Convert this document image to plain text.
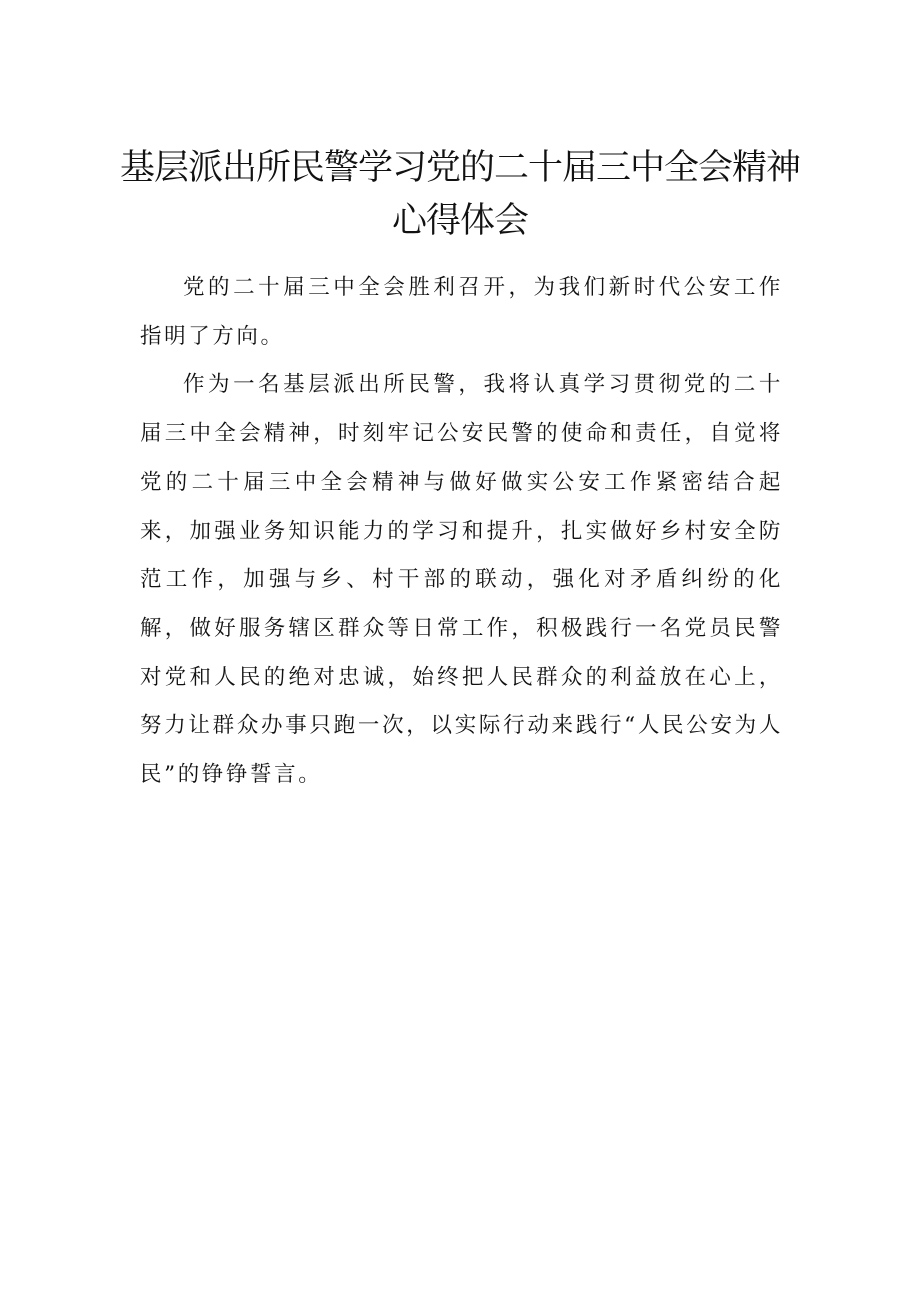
基层派出所民警学习党的二十届三中全会精神
心得体会

党的二十届三中全会胜利召开，为我们新时代公安工作指明了方向。

作为一名基层派出所民警，我将认真学习贯彻党的二十届三中全会精神，时刻牢记公安民警的使命和责任，自觉将党的二十届三中全会精神与做好做实公安工作紧密结合起来，加强业务知识能力的学习和提升，扎实做好乡村安全防范工作，加强与乡、村干部的联动，强化对矛盾纠纷的化解，做好服务辖区群众等日常工作，积极践行一名党员民警对党和人民的绝对忠诚，始终把人民群众的利益放在心上，努力让群众办事只跑一次，以实际行动来践行“人民公安为人民”的铮铮誓言。
